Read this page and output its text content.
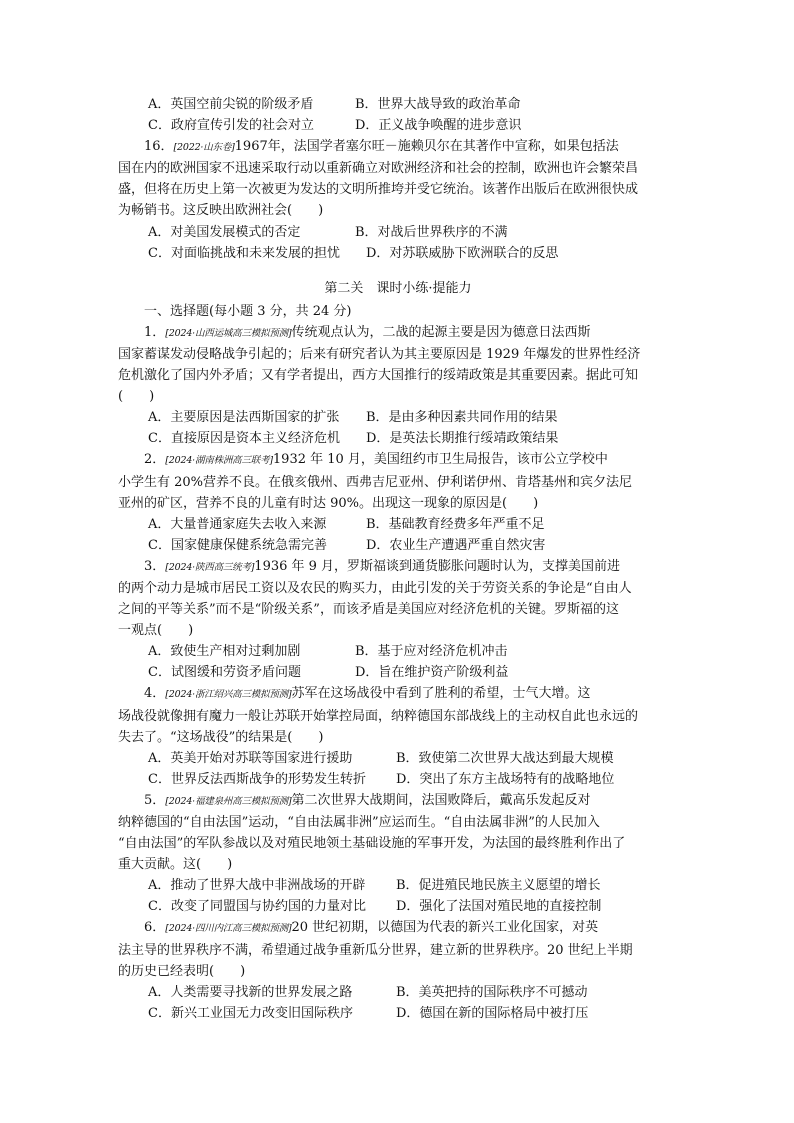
A．英国空前尖锐的阶级矛盾	B．世界大战导致的政治革命
C．政府宣传引发的社会对立	D．正义战争唤醒的进步意识
16．[2022·山东卷]1967年，法国学者塞尔旺－施赖贝尔在其著作中宣称，如果包括法
国在内的欧洲国家不迅速采取行动以重新确立对欧洲经济和社会的控制，欧洲也许会繁荣昌
盛，但将在历史上第一次被更为发达的文明所推垮并受它统治。该著作出版后在欧洲很快成
为畅销书。这反映出欧洲社会(　　)
A．对美国发展模式的否定	B．对战后世界秩序的不满
C．对面临挑战和未来发展的担忧	D．对苏联威胁下欧洲联合的反思
第二关　课时小练·提能力
一、选择题(每小题 3 分，共 24 分)
1．[2024·山西运城高三模拟预测]传统观点认为，二战的起源主要是因为德意日法西斯
国家蓄谋发动侵略战争引起的；后来有研究者认为其主要原因是 1929 年爆发的世界性经济
危机激化了国内外矛盾；又有学者提出，西方大国推行的绥靖政策是其重要因素。据此可知
(　　)
A．主要原因是法西斯国家的扩张	B．是由多种因素共同作用的结果
C．直接原因是资本主义经济危机	D．是英法长期推行绥靖政策结果
2．[2024·湖南株洲高三联考]1932 年 10 月，美国纽约市卫生局报告，该市公立学校中
小学生有 20%营养不良。在俄亥俄州、西弗吉尼亚州、伊利诺伊州、肯塔基州和宾夕法尼
亚州的矿区，营养不良的儿童有时达 90%。出现这一现象的原因是(　　)
A．大量普通家庭失去收入来源	B．基础教育经费多年严重不足
C．国家健康保健系统急需完善	D．农业生产遭遇严重自然灾害
3．[2024·陕西高三统考]1936 年 9 月，罗斯福谈到通货膨胀问题时认为，支撑美国前进
的两个动力是城市居民工资以及农民的购买力，由此引发的关于劳资关系的争论是“自由人
之间的平等关系”而不是“阶级关系”，而该矛盾是美国应对经济危机的关键。罗斯福的这
一观点(　　)
A．致使生产相对过剩加剧	B．基于应对经济危机冲击
C．试图缓和劳资矛盾问题	D．旨在维护资产阶级利益
4．[2024·浙江绍兴高三模拟预测]苏军在这场战役中看到了胜利的希望，士气大增。这
场战役就像拥有魔力一般让苏联开始掌控局面，纳粹德国东部战线上的主动权自此也永远的
失去了。“这场战役”的结果是(　　)
A．英美开始对苏联等国家进行援助	B．致使第二次世界大战达到最大规模
C．世界反法西斯战争的形势发生转折	D．突出了东方主战场特有的战略地位
5．[2024·福建泉州高三模拟预测]第二次世界大战期间，法国败降后，戴高乐发起反对
纳粹德国的“自由法国”运动，“自由法属非洲”应运而生。“自由法属非洲”的人民加入
“自由法国”的军队参战以及对殖民地领土基础设施的军事开发，为法国的最终胜利作出了
重大贡献。这(　　)
A．推动了世界大战中非洲战场的开辟	B．促进殖民地民族主义愿望的增长
C．改变了同盟国与协约国的力量对比	D．强化了法国对殖民地的直接控制
6．[2024·四川内江高三模拟预测]20 世纪初期，以德国为代表的新兴工业化国家，对英
法主导的世界秩序不满，希望通过战争重新瓜分世界，建立新的世界秩序。20 世纪上半期
的历史已经表明(　　)
A．人类需要寻找新的世界发展之路	B．美英把持的国际秩序不可撼动
C．新兴工业国无力改变旧国际秩序	D．德国在新的国际格局中被打压
